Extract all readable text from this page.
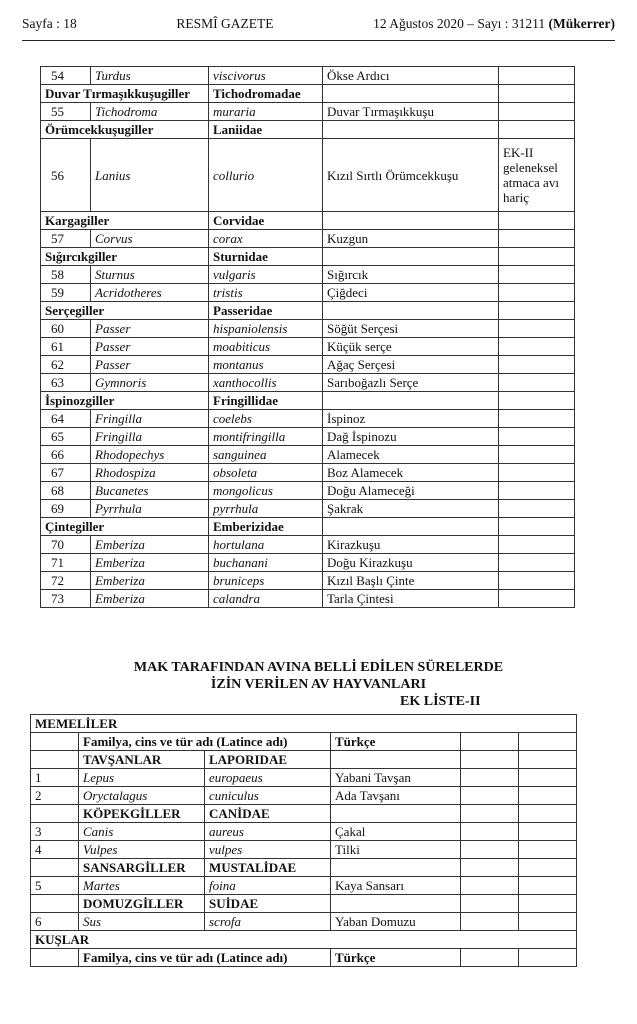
Sayfa : 18	RESMÎ GAZETE	12 Ağustos 2020 – Sayı : 31211 (Mükerrer)
54	Turdus	viscivorus	Ökse Ardıcı	
Duvar Tırmaşıkkuşugiller		Tichodromadae		
55	Tichodroma	muraria	Duvar Tırmaşıkkuşu	
Örümcekkuşugiller		Laniidae		
56	Lanius	collurio	Kızıl Sırtlı Örümcekkuşu	EK-II geleneksel atmaca avı hariç
Kargagiller		Corvidae		
57	Corvus	corax	Kuzgun	
Sığırcıkgiller		Sturnidae		
58	Sturnus	vulgaris	Sığırcık	
59	Acridotheres	tristis	Çiğdeci	
Serçegiller		Passeridae		
60	Passer	hispaniolensis	Söğüt Serçesi	
61	Passer	moabiticus	Küçük serçe	
62	Passer	montanus	Ağaç Serçesi	
63	Gymnoris	xanthocollis	Sarıboğazlı Serçe	
İspinozgiller		Fringillidae		
64	Fringilla	coelebs	İspinoz	
65	Fringilla	montifringilla	Dağ İspinozu	
66	Rhodopechys	sanguinea	Alamecek	
67	Rhodospiza	obsoleta	Boz Alamecek	
68	Bucanetes	mongolicus	Doğu Alameceği	
69	Pyrrhula	pyrrhula	Şakrak	
Çintegiller		Emberizidae		
70	Emberiza	hortulana	Kirazkuşu	
71	Emberiza	buchanani	Doğu Kirazkuşu	
72	Emberiza	bruniceps	Kızıl Başlı Çinte	
73	Emberiza	calandra	Tarla Çintesi	
MAK TARAFINDAN AVINA BELLİ EDİLEN SÜRELERDE
İZİN VERİLEN AV HAYVANLARI
EK LİSTE-II
MEMELİLER					
	Familya, cins ve tür adı (Latince adı)		Türkçe		
	TAVŞANLAR	LAPORIDAE			
1	Lepus	europaeus	Yabani Tavşan		
2	Oryctalagus	cuniculus	Ada Tavşanı		
	KÖPEKGİLLER	CANİDAE			
3	Canis	aureus	Çakal		
4	Vulpes	vulpes	Tilki		
	SANSARGİLLER	MUSTALİDAE			
5	Martes	foina	Kaya Sansarı		
	DOMUZGİLLER	SUİDAE			
6	Sus	scrofa	Yaban Domuzu		
KUŞLAR					
	Familya, cins ve tür adı (Latince adı)		Türkçe		
